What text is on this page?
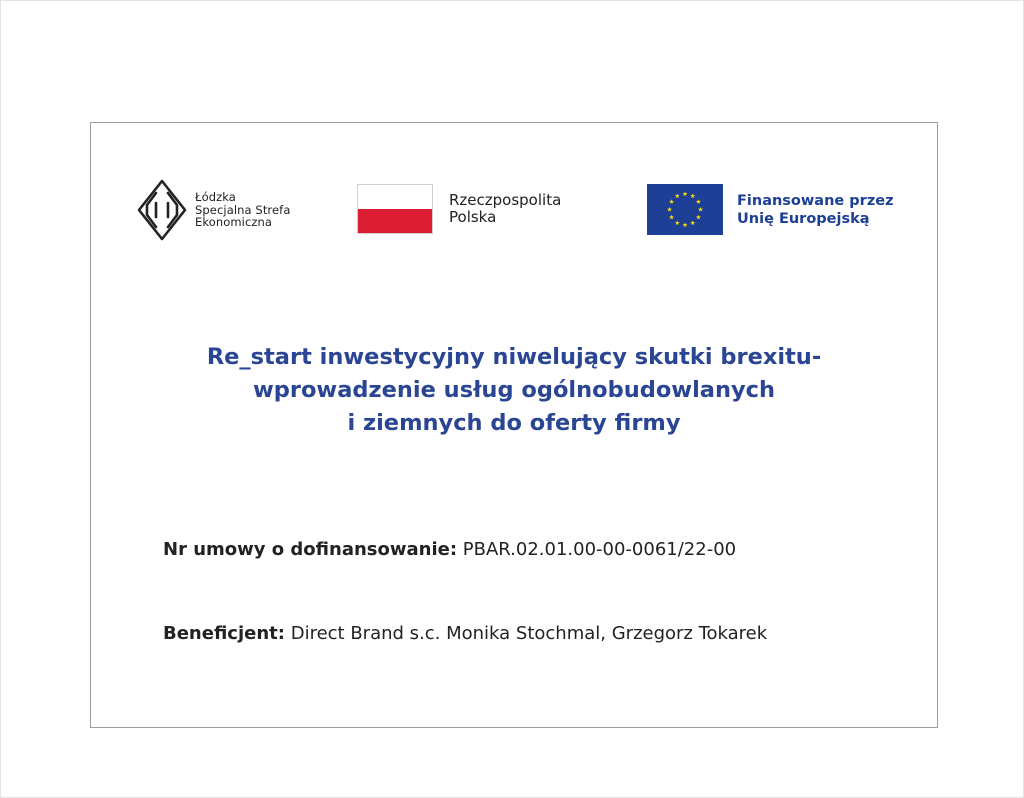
Łódzka
Specjalna Strefa
Ekonomiczna
Rzeczpospolita
Polska
Finansowane przez
Unię Europejską
Re_start inwestycyjny niwelujący skutki brexitu-
wprowadzenie usług ogólnobudowlanych
i ziemnych do oferty firmy

Nr umowy o dofinansowanie: PBAR.02.01.00-00-0061/22-00

Beneficjent: Direct Brand s.c. Monika Stochmal, Grzegorz Tokarek
